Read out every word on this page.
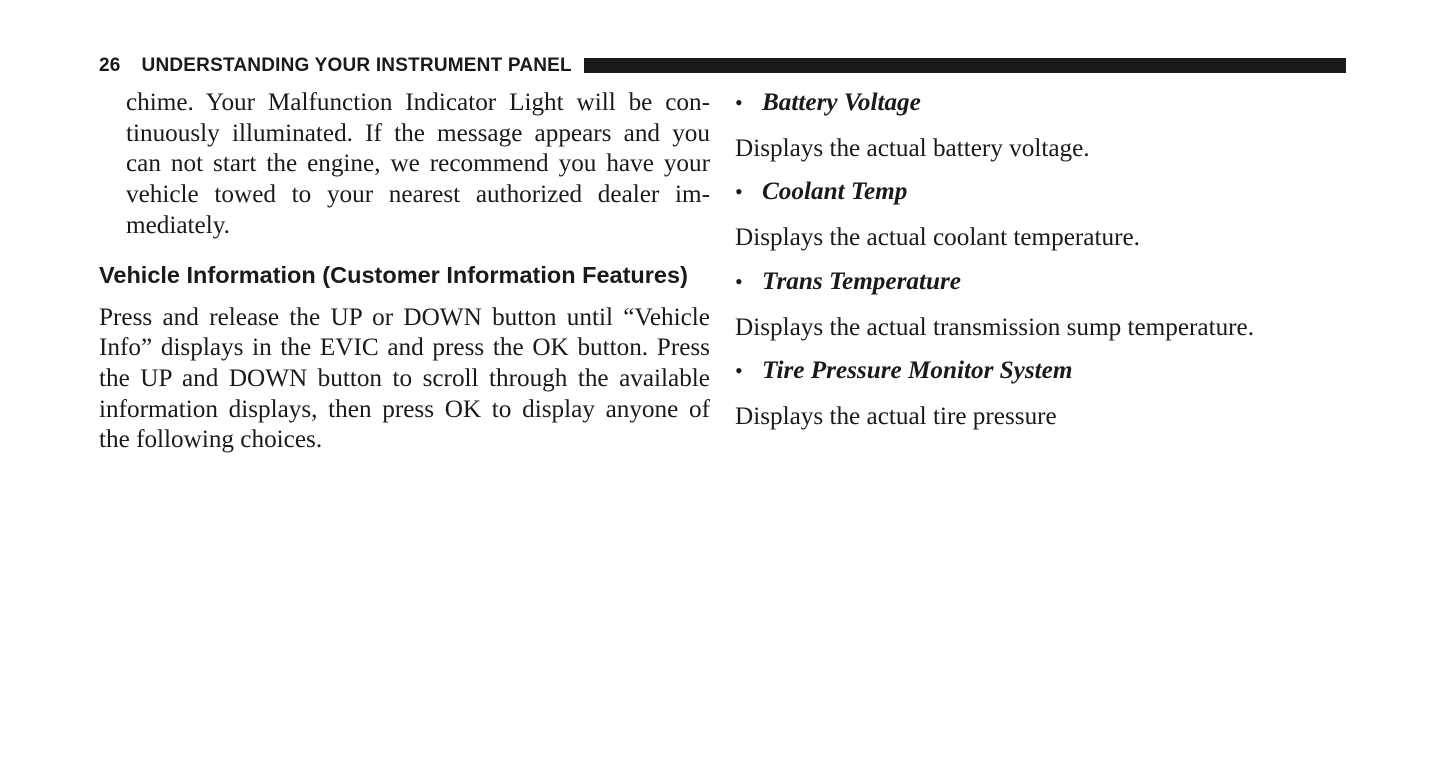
26 UNDERSTANDING YOUR INSTRUMENT PANEL

chime. Your Malfunction Indicator Light will be con-tinuously illuminated. If the message appears and you can not start the engine, we recommend you have your vehicle towed to your nearest authorized dealer im-mediately.

Vehicle Information (Customer Information Features)

Press and release the UP or DOWN button until “Vehicle Info” displays in the EVIC and press the OK button. Press the UP and DOWN button to scroll through the available information displays, then press OK to display anyone of the following choices.

• Battery Voltage

Displays the actual battery voltage.

• Coolant Temp

Displays the actual coolant temperature.

• Trans Temperature

Displays the actual transmission sump temperature.

• Tire Pressure Monitor System

Displays the actual tire pressure
